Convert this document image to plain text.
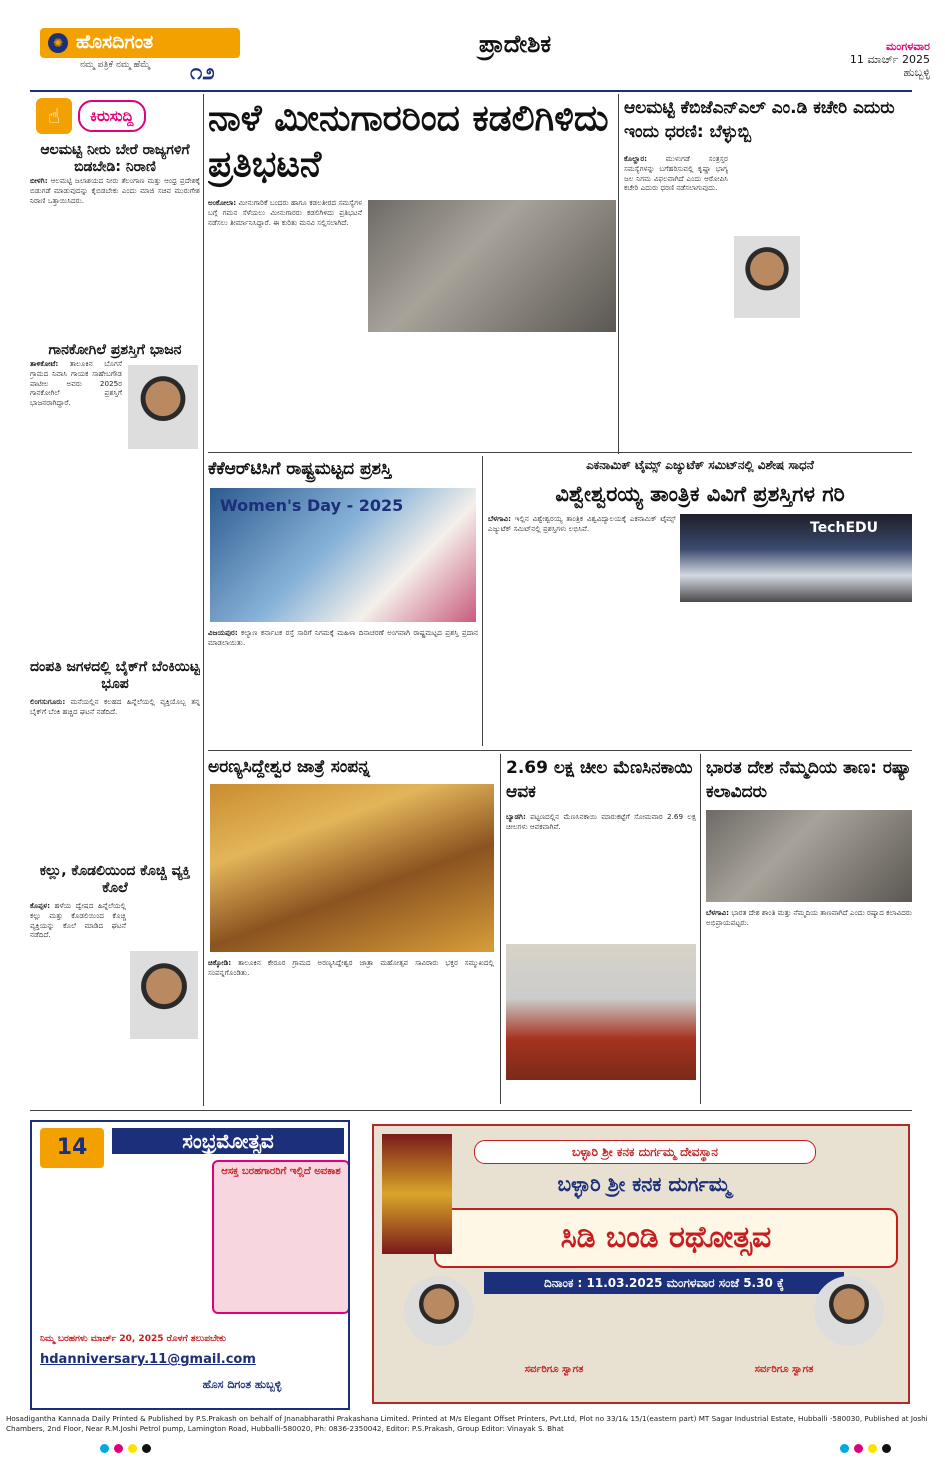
✺ ಹೊಸದಿಗಂತ
ನಮ್ಮ ಪತ್ರಿಕೆ ನಮ್ಮ ಹೆಮ್ಮೆ ೧೨
ಪ್ರಾದೇಶಿಕ	ಮಂಗಳವಾರ
11 ಮಾರ್ಚ್ 2025
ಹುಬ್ಬಳ್ಳಿ
☝	ಕಿರುಸುದ್ದಿ
ಆಲಮಟ್ಟಿ ನೀರು ಬೇರೆ ರಾಜ್ಯಗಳಿಗೆ ಬಿಡಬೇಡಿ: ನಿರಾಣಿ
ಬೀಳಗಿ: ಆಲಮಟ್ಟಿ ಜಲಾಶಯದ ನೀರು ತೆಲಂಗಾಣ ಮತ್ತು ಆಂಧ್ರ ಪ್ರದೇಶಕ್ಕೆ ಬಿಡುಗಡೆ ಮಾಡುವುದನ್ನು ಕೈಬಿಡಬೇಕು ಎಂದು ಮಾಜಿ ಸಚಿವ ಮುರುಗೇಶ ನಿರಾಣಿ ಒತ್ತಾಯಿಸಿದರು.
ಗಾನಕೋಗಿಲೆ ಪ್ರಶಸ್ತಿಗೆ ಭಾಜನ
ತಾಳಿಕೋಟೆ: ತಾಲೂಕಿನ ಬೊಗಸೆ ಗ್ರಾಮದ ನಿವಾಸಿ ಗಾಯಕ ಸಾಹೇಬಗೌಡ ಪಾಟೀಲ ಅವರು 2025ರ ಗಾನಕೋಗಿಲೆ ಪ್ರಶಸ್ತಿಗೆ ಭಾಜನರಾಗಿದ್ದಾರೆ.
ದಂಪತಿ ಜಗಳದಲ್ಲಿ ಬೈಕ್‌ಗೆ ಬೆಂಕಿಯಿಟ್ಟ ಭೂಪ
ಲಿಂಗಸುಗೂರು: ಮನೆಯಲ್ಲಿನ ಕಲಹದ ಹಿನ್ನೆಲೆಯಲ್ಲಿ ವ್ಯಕ್ತಿಯೊಬ್ಬ ತನ್ನ ಬೈಕ್‌ಗೆ ಬೆಂಕಿ ಹಚ್ಚಿದ ಘಟನೆ ನಡೆದಿದೆ.
ಕಲ್ಲು, ಕೊಡಲಿಯಿಂದ ಕೊಚ್ಚಿ ವ್ಯಕ್ತಿ ಕೊಲೆ
ಕೊಪ್ಪಳ: ಹಳೆಯ ದ್ವೇಷದ ಹಿನ್ನೆಲೆಯಲ್ಲಿ ಕಲ್ಲು ಮತ್ತು ಕೊಡಲಿಯಿಂದ ಕೊಚ್ಚಿ ವ್ಯಕ್ತಿಯನ್ನು ಕೊಲೆ ಮಾಡಿದ ಘಟನೆ ನಡೆದಿದೆ.
ನಾಳೆ ಮೀನುಗಾರರಿಂದ ಕಡಲಿಗಿಳಿದು ಪ್ರತಿಭಟನೆ
ಅಂಕೋಲಾ: ಮೀನುಗಾರಿಕೆ ಬಂದರು ಹಾಗೂ ಕಡಲತೀರದ ಸಮಸ್ಯೆಗಳ ಬಗ್ಗೆ ಗಮನ ಸೆಳೆಯಲು ಮೀನುಗಾರರು ಕಡಲಿಗಿಳಿದು ಪ್ರತಿಭಟನೆ ನಡೆಸಲು ತೀರ್ಮಾನಿಸಿದ್ದಾರೆ. ಈ ಕುರಿತು ಮನವಿ ಸಲ್ಲಿಸಲಾಗಿದೆ.
ಆಲಮಟ್ಟಿ ಕೆಬಿಜೆಎನ್‌ಎಲ್ ಎಂ.ಡಿ ಕಚೇರಿ ಎದುರು ಇಂದು ಧರಣಿ: ಬೆಳ್ಳುಬ್ಬಿ
ಕೊಲ್ಹಾರ:	ಮುಳುಗಡೆ ಸಂತ್ರಸ್ತರ ಸಮಸ್ಯೆಗಳನ್ನು ಬಗೆಹರಿಸುವಲ್ಲಿ ಕೃಷ್ಣಾ ಭಾಗ್ಯ ಜಲ ನಿಗಮ ವಿಫಲವಾಗಿದೆ ಎಂದು ಆರೋಪಿಸಿ ಕಚೇರಿ ಎದುರು ಧರಣಿ ನಡೆಸಲಾಗುವುದು.
ಕೆಕೆಆರ್‌ಟಿಸಿಗೆ ರಾಷ್ಟ್ರಮಟ್ಟದ ಪ್ರಶಸ್ತಿ
Women's Day - 2025
ವಿಜಯಪುರ: ಕಲ್ಯಾಣ ಕರ್ನಾಟಕ ರಸ್ತೆ ಸಾರಿಗೆ ನಿಗಮಕ್ಕೆ ಮಹಿಳಾ ದಿನಾಚರಣೆ ಅಂಗವಾಗಿ ರಾಷ್ಟ್ರಮಟ್ಟದ ಪ್ರಶಸ್ತಿ ಪ್ರದಾನ ಮಾಡಲಾಯಿತು.
ಎಕನಾಮಿಕ್ ಟೈಮ್ಸ್ ಎಜ್ಯುಟೆಕ್ ಸಮಿಟ್‌ನಲ್ಲಿ ವಿಶೇಷ ಸಾಧನೆ
ವಿಶ್ವೇಶ್ವರಯ್ಯ ತಾಂತ್ರಿಕ ವಿವಿಗೆ ಪ್ರಶಸ್ತಿಗಳ ಗರಿ
ಬೆಳಗಾವಿ: ಇಲ್ಲಿನ ವಿಶ್ವೇಶ್ವರಯ್ಯ ತಾಂತ್ರಿಕ ವಿಶ್ವವಿದ್ಯಾಲಯಕ್ಕೆ ಎಕನಾಮಿಕ್ ಟೈಮ್ಸ್ ಎಜ್ಯುಟೆಕ್ ಸಮಿಟ್‌ನಲ್ಲಿ ಪ್ರಶಸ್ತಿಗಳು ಲಭಿಸಿವೆ.	TechEDU
ಅರಣ್ಯಸಿದ್ದೇಶ್ವರ ಜಾತ್ರೆ ಸಂಪನ್ನ
ಚಿಕ್ಕೋಡಿ: ತಾಲೂಕಿನ ಕೇರೂರ ಗ್ರಾಮದ ಅರಣ್ಯಸಿದ್ದೇಶ್ವರ ಜಾತ್ರಾ ಮಹೋತ್ಸವ ಸಾವಿರಾರು ಭಕ್ತರ ಸಮ್ಮುಖದಲ್ಲಿ ಸಂಪನ್ನಗೊಂಡಿತು.
2.69 ಲಕ್ಷ ಚೀಲ ಮೆಣಸಿನಕಾಯಿ ಆವಕ
ಬ್ಯಾಡಗಿ: ಪಟ್ಟಣದಲ್ಲಿನ ಮೆಣಸಿನಕಾಯಿ ಮಾರುಕಟ್ಟೆಗೆ ಸೋಮವಾರ 2.69 ಲಕ್ಷ ಚೀಲಗಳು ಆವಕವಾಗಿವೆ.
ಭಾರತ ದೇಶ ನೆಮ್ಮದಿಯ ತಾಣ: ರಷ್ಯಾ ಕಲಾವಿದರು
ಬೆಳಗಾವಿ: ಭಾರತ ದೇಶ ಶಾಂತಿ ಮತ್ತು ನೆಮ್ಮದಿಯ ತಾಣವಾಗಿದೆ ಎಂದು ರಷ್ಯಾದ ಕಲಾವಿದರು ಅಭಿಪ್ರಾಯಪಟ್ಟರು.
14	ಸಂಭ್ರಮೋತ್ಸವ
ಆಸಕ್ತ ಬರಹಗಾರರಿಗೆ ಇಲ್ಲಿದೆ ಅವಕಾಶ
ನಿಮ್ಮ ಬರಹಗಳು ಮಾರ್ಚ್ 20, 2025 ರೊಳಗೆ ತಲುಪಬೇಕು
hdanniversary.11@gmail.com
ಹೊಸ ದಿಗಂತ ಹುಬ್ಬಳ್ಳಿ
ಬಳ್ಳಾರಿ ಶ್ರೀ ಕನಕ ದುರ್ಗಮ್ಮ ದೇವಸ್ಥಾನ
ಬಳ್ಳಾರಿ ಶ್ರೀ ಕನಕ ದುರ್ಗಮ್ಮ
ಸಿಡಿ ಬಂಡಿ ರಥೋತ್ಸವ
ದಿನಾಂಕ : 11.03.2025 ಮಂಗಳವಾರ ಸಂಜೆ 5.30 ಕ್ಕೆ
ಸರ್ವರಿಗೂ ಸ್ವಾಗತ	ಸರ್ವರಿಗೂ ಸ್ವಾಗತ
Hosadigantha Kannada Daily Printed & Published by P.S.Prakash on behalf of Jnanabharathi Prakashana Limited. Printed at M/s Elegant Offset Printers, Pvt.Ltd, Plot no 33/1& 15/1(eastern part) MT Sagar Industrial Estate, Hubballi -580030, Published at Joshi Chambers, 2nd Floor, Near R.M.Joshi Petrol pump, Lamington Road, Hubballi-580020, Ph: 0836-2350042, Editor: P.S.Prakash, Group Editor: Vinayak S. Bhat
